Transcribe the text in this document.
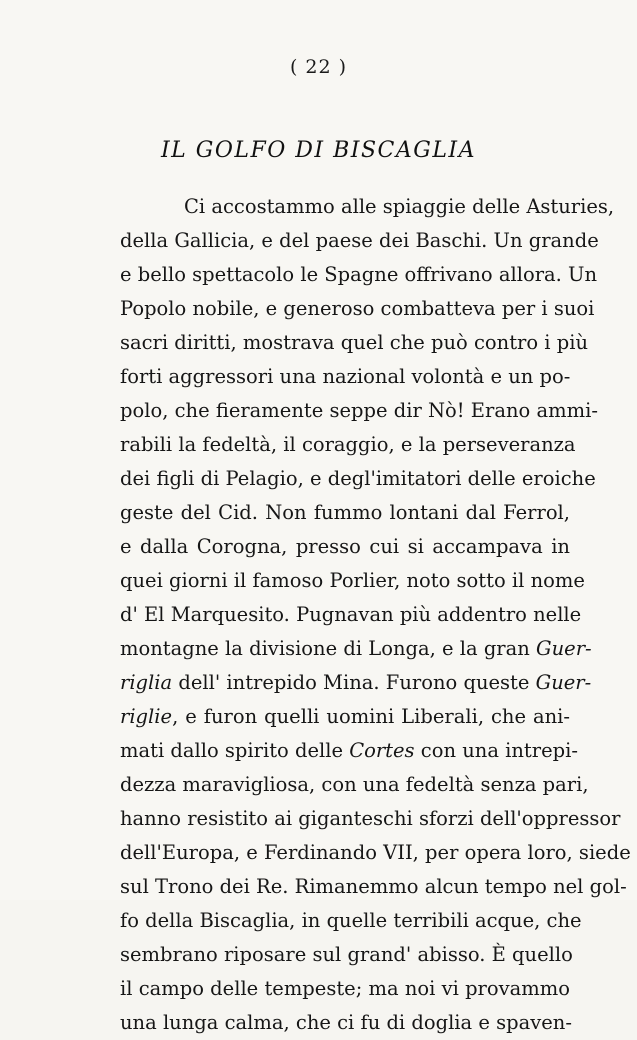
( 22 )
IL GOLFO DI BISCAGLIA
Ci accostammo alle spiaggie delle Asturies,
della Gallicia, e del paese dei Baschi. Un grande
e bello spettacolo le Spagne offrivano allora. Un
Popolo nobile, e generoso combatteva per i suoi
sacri diritti, mostrava quel che può contro i più
forti aggressori una nazional volontà e un po-
polo, che fieramente seppe dir Nò! Erano ammi-
rabili la fedeltà, il coraggio, e la perseveranza
dei figli di Pelagio, e degl'imitatori delle eroiche
geste del Cid. Non fummo lontani dal Ferrol,
e dalla Corogna, presso cui si accampava in
quei giorni il famoso Porlier, noto sotto il nome
d' El Marquesito. Pugnavan più addentro nelle
montagne la divisione di Longa, e la gran Guer-
riglia dell' intrepido Mina. Furono queste Guer-
riglie, e furon quelli uomini Liberali, che ani-
mati dallo spirito delle Cortes con una intrepi-
dezza maravigliosa, con una fedeltà senza pari,
hanno resistito ai giganteschi sforzi dell'oppressor
dell'Europa, e Ferdinando VII, per opera loro, siede
sul Trono dei Re. Rimanemmo alcun tempo nel gol-
fo della Biscaglia, in quelle terribili acque, che
sembrano riposare sul grand' abisso. È quello
il campo delle tempeste; ma noi vi provammo
una lunga calma, che ci fu di doglia e spaven-
